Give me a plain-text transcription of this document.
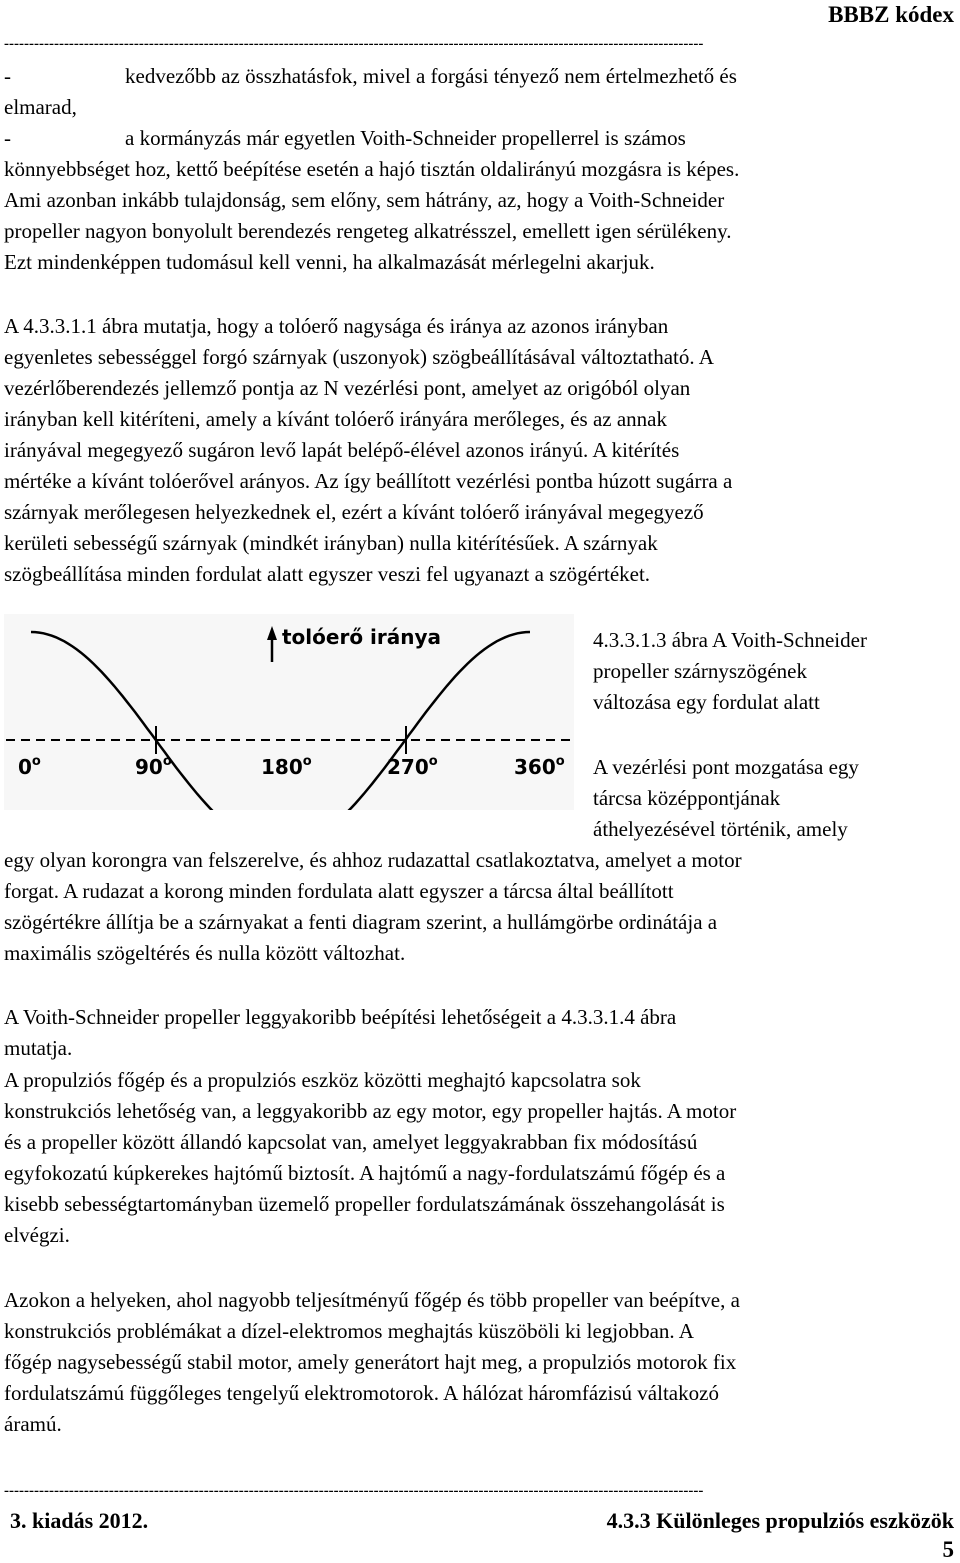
BBBZ kódex
--------------------------------------------------------------------------------------------------------------------------------------------
-	kedvezőbb az összhatásfok, mivel a forgási tényező nem értelmezhető és
elmarad,
-	a kormányzás már egyetlen Voith-Schneider propellerrel is számos
könnyebbséget hoz, kettő beépítése esetén a hajó tisztán oldalirányú mozgásra is képes.
Ami azonban inkább tulajdonság, sem előny, sem hátrány, az, hogy a Voith-Schneider
propeller nagyon bonyolult berendezés rengeteg alkatrésszel, emellett igen sérülékeny.
Ezt mindenképpen tudomásul kell venni, ha alkalmazását mérlegelni akarjuk.
A 4.3.3.1.1 ábra mutatja, hogy a tolóerő nagysága és iránya az azonos irányban
egyenletes sebességgel forgó szárnyak (uszonyok) szögbeállításával változtatható. A
vezérlőberendezés jellemző pontja az N vezérlési pont, amelyet az origóból olyan
irányban kell kitéríteni, amely a kívánt tolóerő irányára merőleges, és az annak
irányával megegyező sugáron levő lapát belépő-élével azonos irányú. A kitérítés
mértéke a kívánt tolóerővel arányos. Az így beállított vezérlési pontba húzott sugárra a
szárnyak merőlegesen helyezkednek el, ezért a kívánt tolóerő irányával megegyező
kerületi sebességű szárnyak (mindkét irányban) nulla kitérítésűek. A szárnyak
szögbeállítása minden fordulat alatt egyszer veszi fel ugyanazt a szögértéket.
tolóerő iránya
0$^o$	90$^o$	180$^o$	270$^o$	360$^o$
4.3.3.1.3 ábra A Voith-Schneider
propeller szárnyszögének
változása egy fordulat alatt
A vezérlési pont mozgatása egy
tárcsa középpontjának
áthelyezésével történik, amely
egy olyan korongra van felszerelve, és ahhoz rudazattal csatlakoztatva, amelyet a motor
forgat. A rudazat a korong minden fordulata alatt egyszer a tárcsa által beállított
szögértékre állítja be a szárnyakat a fenti diagram szerint, a hullámgörbe ordinátája a
maximális szögeltérés és nulla között változhat.
A Voith-Schneider propeller leggyakoribb beépítési lehetőségeit a 4.3.3.1.4 ábra
mutatja.
A propulziós főgép és a propulziós eszköz közötti meghajtó kapcsolatra sok
konstrukciós lehetőség van, a leggyakoribb az egy motor, egy propeller hajtás. A motor
és a propeller között állandó kapcsolat van, amelyet leggyakrabban fix módosítású
egyfokozatú kúpkerekes hajtómű biztosít. A hajtómű a nagy-fordulatszámú főgép és a
kisebb sebességtartományban üzemelő propeller fordulatszámának összehangolását is
elvégzi.
Azokon a helyeken, ahol nagyobb teljesítményű főgép és több propeller van beépítve, a
konstrukciós problémákat a dízel-elektromos meghajtás küszöböli ki legjobban. A
főgép nagysebességű stabil motor, amely generátort hajt meg, a propulziós motorok fix
fordulatszámú függőleges tengelyű elektromotorok. A hálózat háromfázisú váltakozó
áramú.
--------------------------------------------------------------------------------------------------------------------------------------------
3. kiadás 2012.	4.3.3 Különleges propulziós eszközök
5
